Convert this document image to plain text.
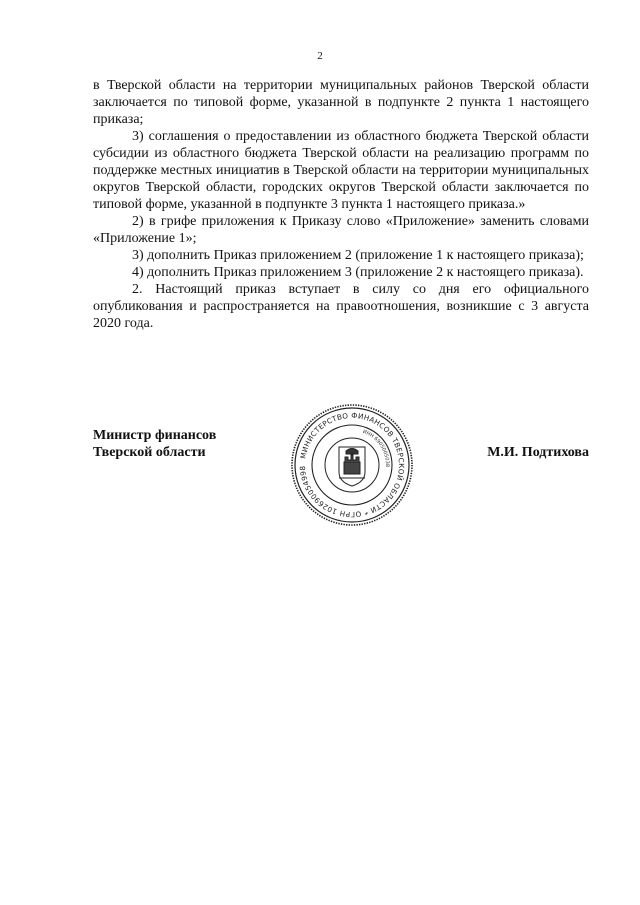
2

в Тверской области на территории муниципальных районов Тверской области заключается по типовой форме, указанной в подпункте 2 пункта 1 настоящего приказа;

3) соглашения о предоставлении из областного бюджета Тверской области субсидии из областного бюджета Тверской области на реализацию программ по поддержке местных инициатив в Тверской области на территории муниципальных округов Тверской области, городских округов Тверской области заключается по типовой форме, указанной в подпункте 3 пункта 1 настоящего приказа.»

2) в грифе приложения к Приказу слово «Приложение» заменить словами «Приложение 1»;

3) дополнить Приказ приложением 2 (приложение 1 к настоящего приказа);

4) дополнить Приказ приложением 3 (приложение 2 к настоящего приказа).

2. Настоящий приказ вступает в силу со дня его официального опубликования и распространяется на правоотношения, возникшие с 3 августа 2020 года.

Министр финансов
Тверской области	МИНИСТЕРСТВО ФИНАНСОВ ТВЕРСКОЙ ОБЛАСТИ * ОГРН 102690054998
ИНН 6905005038
М.И. Подтихова
